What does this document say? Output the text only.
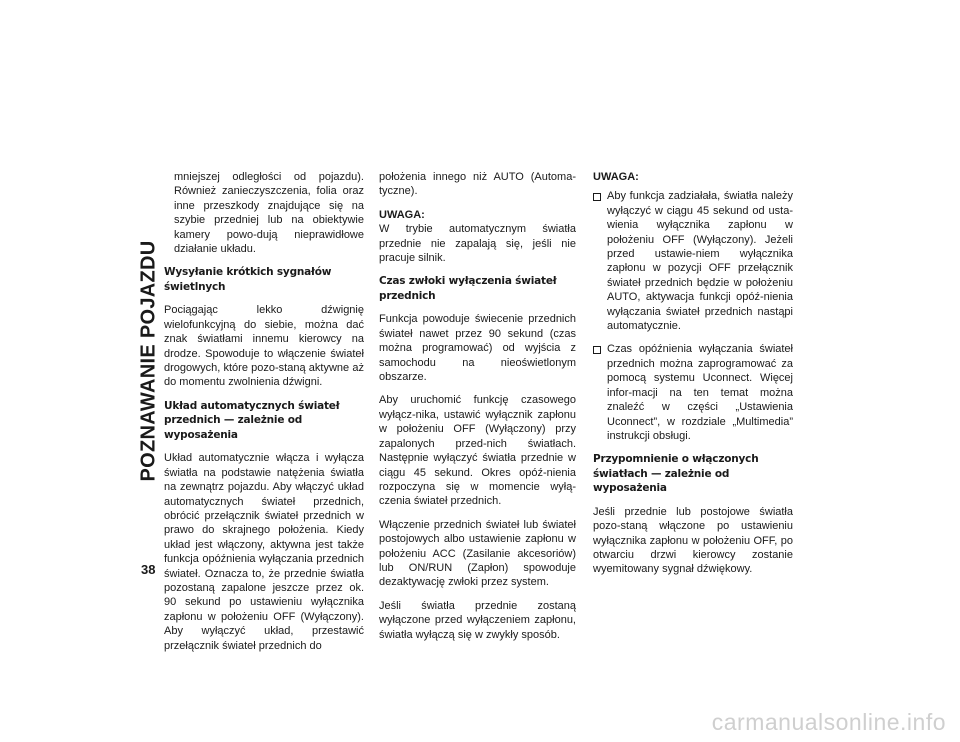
POZNAWANIE POJAZDU
38

mniejszej odległości od pojazdu). Również zanieczyszczenia, folia oraz inne przeszkody znajdujące się na szybie przedniej lub na obiektywie kamery powo-dują nieprawidłowe działanie układu.

Wysyłanie krótkich sygnałów świetlnych

Pociągając lekko dźwignię wielofunkcyjną do siebie, można dać znak światłami innemu kierowcy na drodze. Spowoduje to włączenie świateł drogowych, które pozo-staną aktywne aż do momentu zwolnienia dźwigni.

Układ automatycznych świateł przednich — zależnie od wyposażenia

Układ automatycznie włącza i wyłącza światła na podstawie natężenia światła na zewnątrz pojazdu. Aby włączyć układ automatycznych świateł przednich, obrócić przełącznik świateł przednich w prawo do skrajnego położenia. Kiedy układ jest włączony, aktywna jest także funkcja opóźnienia wyłączania przednich świateł. Oznacza to, że przednie światła pozostaną zapalone jeszcze przez ok. 90 sekund po ustawieniu wyłącznika zapłonu w położeniu OFF (Wyłączony). Aby wyłączyć układ, przestawić przełącznik świateł przednich do

położenia innego niż AUTO (Automa-tyczne).

UWAGA:
W trybie automatycznym światła przednie nie zapalają się, jeśli nie pracuje silnik.
Czas zwłoki wyłączenia świateł przednich

Funkcja powoduje świecenie przednich świateł nawet przez 90 sekund (czas można programować) od wyjścia z samochodu na nieoświetlonym obszarze.

Aby uruchomić funkcję czasowego wyłącz-nika, ustawić wyłącznik zapłonu w położeniu OFF (Wyłączony) przy zapalonych przed-nich światłach. Następnie wyłączyć światła przednie w ciągu 45 sekund. Okres opóź-nienia rozpoczyna się w momencie wyłą-czenia świateł przednich.

Włączenie przednich świateł lub świateł postojowych albo ustawienie zapłonu w położeniu ACC (Zasilanie akcesoriów) lub ON/RUN (Zapłon) spowoduje dezaktywację zwłoki przez system.

Jeśli światła przednie zostaną wyłączone przed wyłączeniem zapłonu, światła wyłączą się w zwykły sposób.

UWAGA:
Aby funkcja zadziałała, światła należy wyłączyć w ciągu 45 sekund od usta-wienia wyłącznika zapłonu w położeniu OFF (Wyłączony). Jeżeli przed ustawie-niem wyłącznika zapłonu w pozycji OFF przełącznik świateł przednich będzie w położeniu AUTO, aktywacja funkcji opóź-nienia wyłączania świateł przednich nastąpi automatycznie.
Czas opóźnienia wyłączania świateł przednich można zaprogramować za pomocą systemu Uconnect. Więcej infor-macji na ten temat można znaleźć w części „Ustawienia Uconnect”, w rozdziale „Multimedia” instrukcji obsługi.
Przypomnienie o włączonych światłach — zależnie od wyposażenia

Jeśli przednie lub postojowe światła pozo-staną włączone po ustawieniu wyłącznika zapłonu w położeniu OFF, po otwarciu drzwi kierowcy zostanie wyemitowany sygnał dźwiękowy.

carmanualsonline.info
